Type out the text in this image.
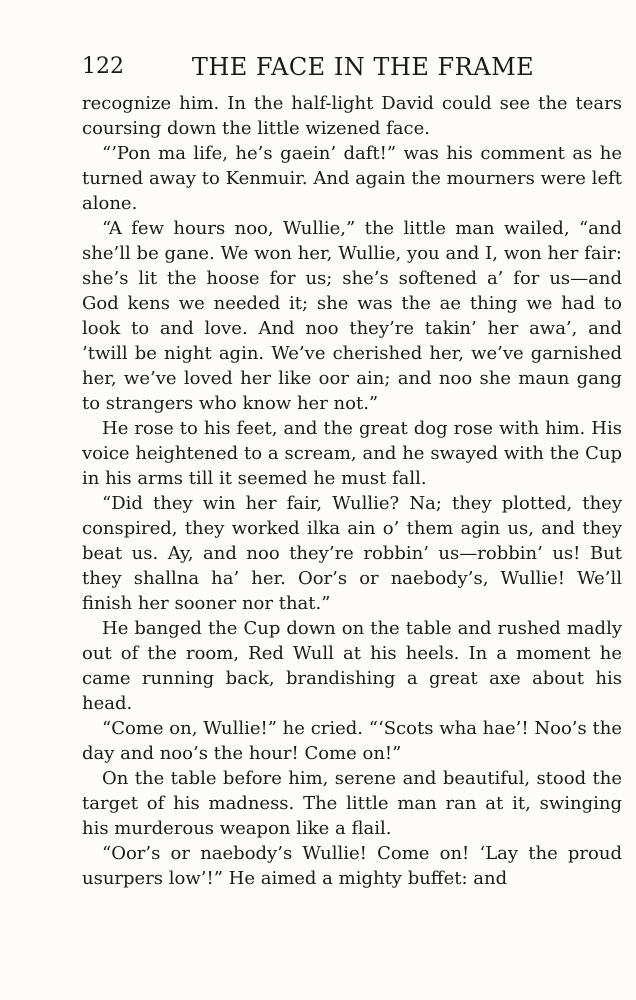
122	THE FACE IN THE FRAME

recognize him. In the half-light David could see the tears coursing down the little wizened face.

“’Pon ma life, he’s gaein’ daft!” was his comment as he turned away to Kenmuir. And again the mourners were left alone.

“A few hours noo, Wullie,” the little man wailed, “and she’ll be gane. We won her, Wullie, you and I, won her fair: she’s lit the hoose for us; she’s softened a’ for us—and God kens we needed it; she was the ae thing we had to look to and love. And noo they’re takin’ her awa’, and ’twill be night agin. We’ve cherished her, we’ve garnished her, we’ve loved her like oor ain; and noo she maun gang to strangers who know her not.”

He rose to his feet, and the great dog rose with him. His voice heightened to a scream, and he swayed with the Cup in his arms till it seemed he must fall.

“Did they win her fair, Wullie? Na; they plotted, they conspired, they worked ilka ain o’ them agin us, and they beat us. Ay, and noo they’re robbin’ us—robbin’ us! But they shallna ha’ her. Oor’s or naebody’s, Wullie! We’ll finish her sooner nor that.”

He banged the Cup down on the table and rushed madly out of the room, Red Wull at his heels. In a moment he came running back, brandishing a great axe about his head.

“Come on, Wullie!” he cried. “‘Scots wha hae’! Noo’s the day and noo’s the hour! Come on!”

On the table before him, serene and beautiful, stood the target of his madness. The little man ran at it, swinging his murderous weapon like a flail.

“Oor’s or naebody’s Wullie! Come on! ‘Lay the proud usurpers low’!” He aimed a mighty buffet: and
